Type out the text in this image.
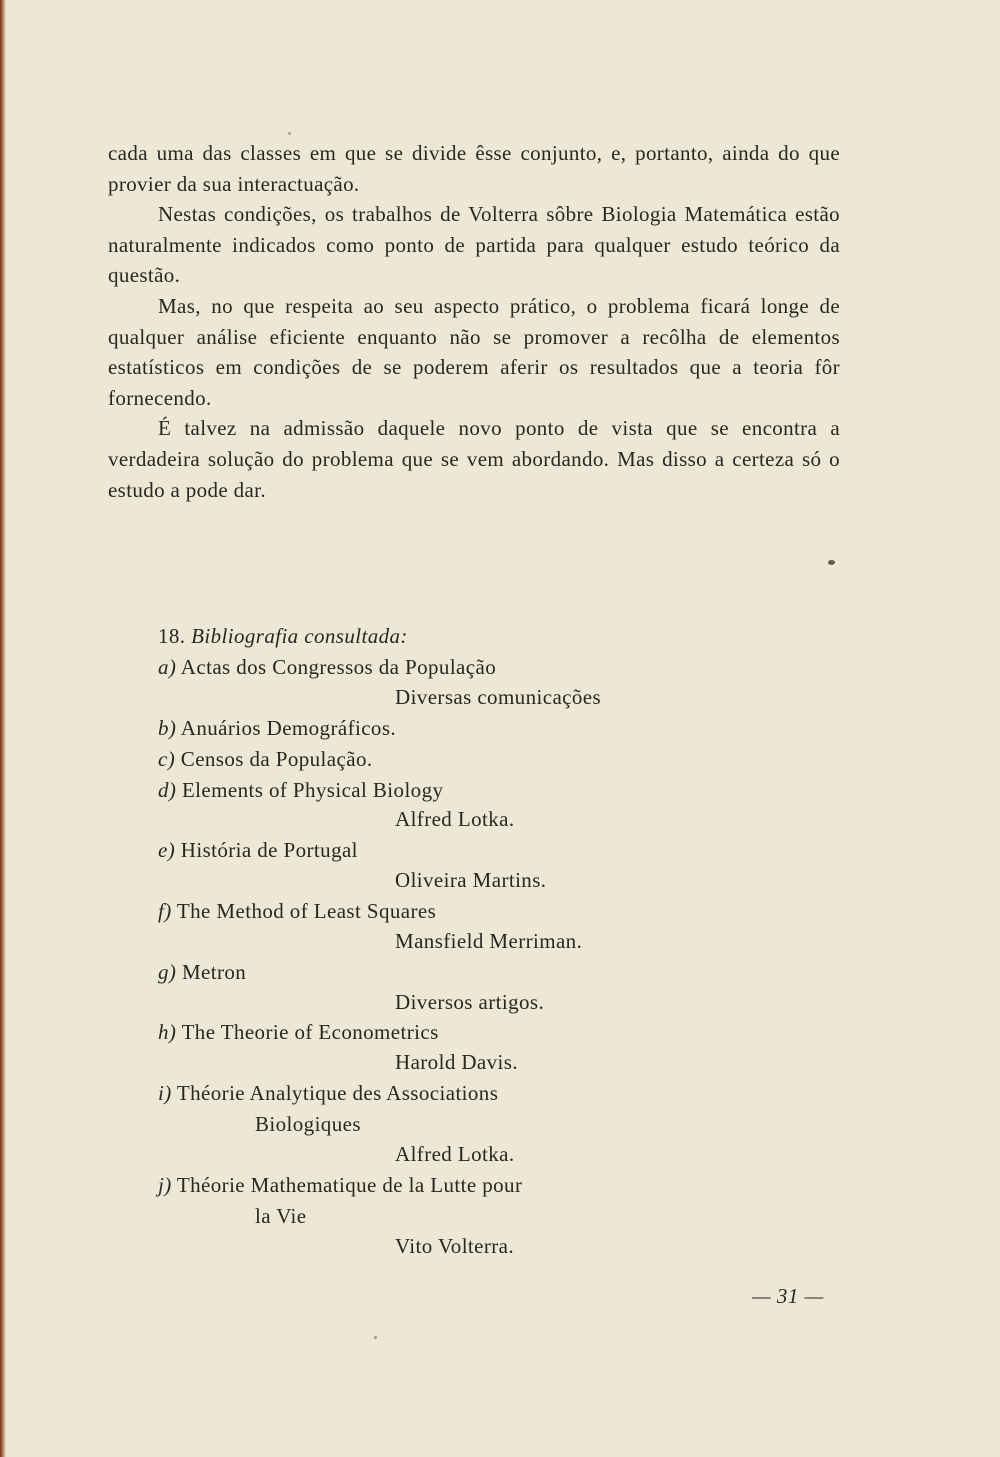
cada uma das classes em que se divide êsse conjunto, e, portanto, ainda do que provier da sua interactuação.

Nestas condições, os trabalhos de Volterra sôbre Biologia Matemática estão naturalmente indicados como ponto de partida para qualquer estudo teórico da questão.

Mas, no que respeita ao seu aspecto prático, o problema ficará longe de qualquer análise eficiente enquanto não se promover a recôlha de elementos estatísticos em condições de se poderem aferir os resultados que a teoria fôr fornecendo.

É talvez na admissão daquele novo ponto de vista que se encontra a verdadeira solução do problema que se vem abordando. Mas disso a certeza só o estudo a pode dar.

18. Bibliografia consultada:
a) Actas dos Congressos da População
Diversas comunicações
b) Anuários Demográficos.
c) Censos da População.
d) Elements of Physical Biology
Alfred Lotka.
e) História de Portugal
Oliveira Martins.
f) The Method of Least Squares
Mansfield Merriman.
g) Metron
Diversos artigos.
h) The Theorie of Econometrics
Harold Davis.
i) Théorie Analytique des Associations
Biologiques
Alfred Lotka.
j) Théorie Mathematique de la Lutte pour
la Vie
Vito Volterra.
— 31 —
